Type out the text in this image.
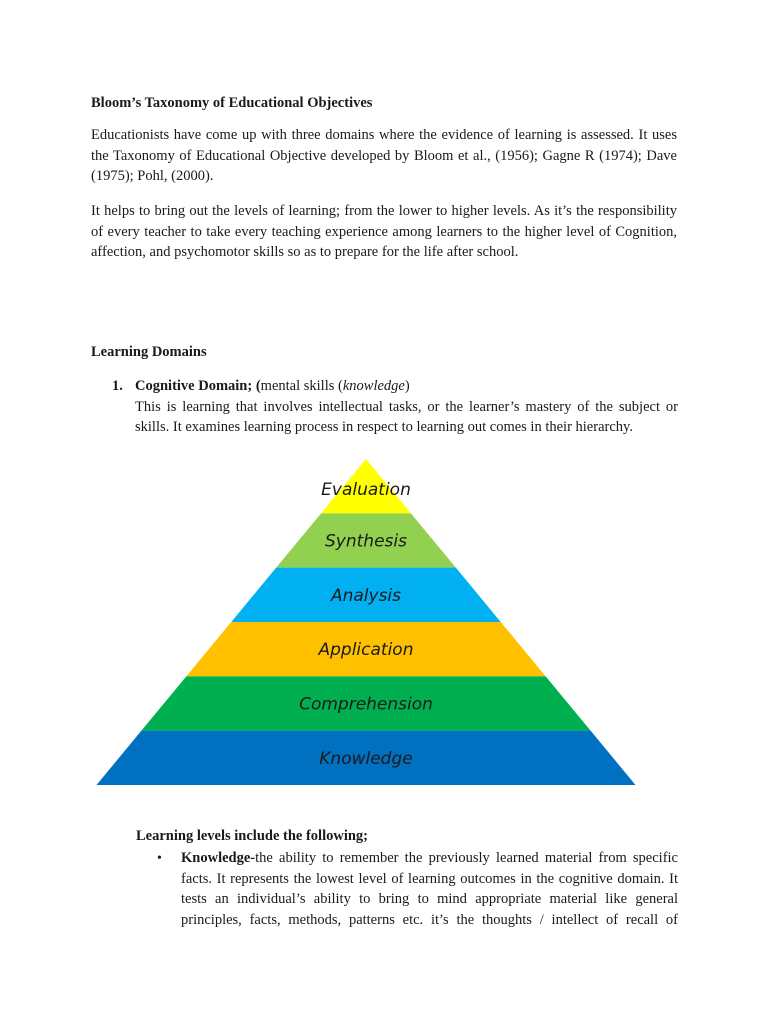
Bloom’s Taxonomy of Educational Objectives

Educationists have come up with three domains where the evidence of learning is assessed. It uses the Taxonomy of Educational Objective developed by Bloom et al., (1956); Gagne R (1974); Dave (1975); Pohl, (2000).

It helps to bring out the levels of learning; from the lower to higher levels. As it’s the responsibility of every teacher to take every teaching experience among learners to the higher level of Cognition, affection, and psychomotor skills so as to prepare for the life after school.

Learning Domains
1. Cognitive Domain; (mental skills (knowledge)
This is learning that involves intellectual tasks, or the learner’s mastery of the subject or skills. It examines learning process in respect to learning out comes in their hierarchy.
Evaluation
Synthesis
Analysis
Application
Comprehension
Knowledge
Learning levels include the following;
• Knowledge-the ability to remember the previously learned material from specific facts. It represents the lowest level of learning outcomes in the cognitive domain. It tests an individual’s ability to bring to mind appropriate material like general principles, facts, methods, patterns etc. it’s the thoughts / intellect of recall of
